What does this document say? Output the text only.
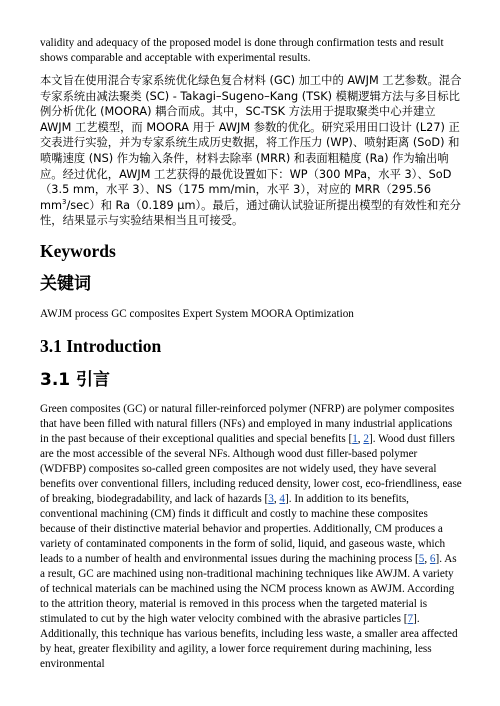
validity and adequacy of the proposed model is done through confirmation tests and result shows comparable and acceptable with experimental results.

本文旨在使用混合专家系统优化绿色复合材料 (GC) 加工中的 AWJM 工艺参数。混合专家系统由减法聚类 (SC) - Takagi–Sugeno–Kang (TSK) 模糊逻辑方法与多目标比例分析优化 (MOORA) 耦合而成。其中，SC-TSK 方法用于提取聚类中心并建立 AWJM 工艺模型，而 MOORA 用于 AWJM 参数的优化。研究采用田口设计 (L27) 正交表进行实验，并为专家系统生成历史数据，将工作压力 (WP)、喷射距离 (SoD) 和喷嘴速度 (NS) 作为输入条件，材料去除率 (MRR) 和表面粗糙度 (Ra) 作为输出响应。经过优化，AWJM 工艺获得的最优设置如下：WP（300 MPa，水平 3）、SoD（3.5 mm，水平 3）、NS（175 mm/min，水平 3），对应的 MRR（295.56 $mm^3/\sec$）和 Ra（0.189 μm）。最后，通过确认试验证所提出模型的有效性和充分性，结果显示与实验结果相当且可接受。

Keywords
关键词

AWJM process GC composites Expert System MOORA Optimization

3.1 Introduction
3.1 引言

Green composites (GC) or natural filler-reinforced polymer (NFRP) are polymer composites that have been filled with natural fillers (NFs) and employed in many industrial applications in the past because of their exceptional qualities and special benefits [1, 2]. Wood dust fillers are the most accessible of the several NFs. Although wood dust filler-based polymer (WDFBP) composites so-called green composites are not widely used, they have several benefits over conventional fillers, including reduced density, lower cost, eco-friendliness, ease of breaking, biodegradability, and lack of hazards [3, 4]. In addition to its benefits, conventional machining (CM) finds it difficult and costly to machine these composites because of their distinctive material behavior and properties. Additionally, CM produces a variety of contaminated components in the form of solid, liquid, and gaseous waste, which leads to a number of health and environmental issues during the machining process [5, 6]. As a result, GC are machined using non-traditional machining techniques like AWJM. A variety of technical materials can be machined using the NCM process known as AWJM. According to the attrition theory, material is removed in this process when the targeted material is stimulated to cut by the high water velocity combined with the abrasive particles [7]. Additionally, this technique has various benefits, including less waste, a smaller area affected by heat, greater flexibility and agility, a lower force requirement during machining, less environmental
